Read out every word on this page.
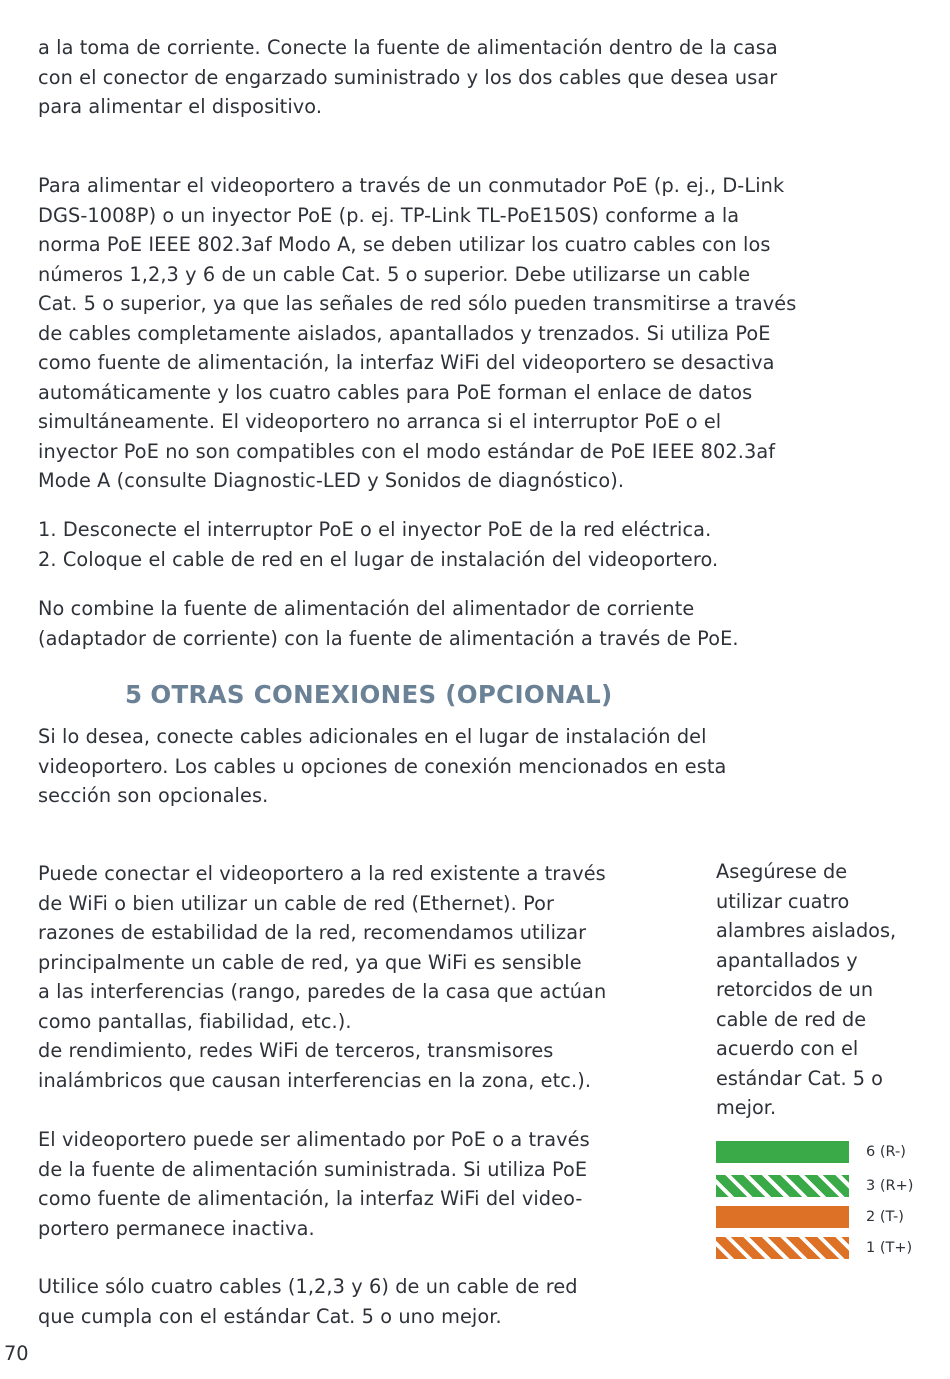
a la toma de corriente. Conecte la fuente de alimentación dentro de la casa
con el conector de engarzado suministrado y los dos cables que desea usar
para alimentar el dispositivo.

Para alimentar el videoportero a través de un conmutador PoE (p. ej., D-Link
DGS-1008P) o un inyector PoE (p. ej. TP-Link TL-PoE150S) conforme a la
norma PoE IEEE 802.3af Modo A, se deben utilizar los cuatro cables con los
números 1,2,3 y 6 de un cable Cat. 5 o superior. Debe utilizarse un cable
Cat. 5 o superior, ya que las señales de red sólo pueden transmitirse a través
de cables completamente aislados, apantallados y trenzados. Si utiliza PoE
como fuente de alimentación, la interfaz WiFi del videoportero se desactiva
automáticamente y los cuatro cables para PoE forman el enlace de datos
simultáneamente. El videoportero no arranca si el interruptor PoE o el
inyector PoE no son compatibles con el modo estándar de PoE IEEE 802.3af
Mode A (consulte Diagnostic-LED y Sonidos de diagnóstico).

1. Desconecte el interruptor PoE o el inyector PoE de la red eléctrica.
2. Coloque el cable de red en el lugar de instalación del videoportero.

No combine la fuente de alimentación del alimentador de corriente
(adaptador de corriente) con la fuente de alimentación a través de PoE.

5 OTRAS CONEXIONES (OPCIONAL)

Si lo desea, conecte cables adicionales en el lugar de instalación del
videoportero. Los cables u opciones de conexión mencionados en esta
sección son opcionales.

Puede conectar el videoportero a la red existente a través
de WiFi o bien utilizar un cable de red (Ethernet). Por
razones de estabilidad de la red, recomendamos utilizar
principalmente un cable de red, ya que WiFi es sensible
a las interferencias (rango, paredes de la casa que actúan
como pantallas, fiabilidad, etc.).
de rendimiento, redes WiFi de terceros, transmisores
inalámbricos que causan interferencias en la zona, etc.).

El videoportero puede ser alimentado por PoE o a través
de la fuente de alimentación suministrada. Si utiliza PoE
como fuente de alimentación, la interfaz WiFi del video-
portero permanece inactiva.

Utilice sólo cuatro cables (1,2,3 y 6) de un cable de red
que cumpla con el estándar Cat. 5 o uno mejor.

Asegúrese de
utilizar cuatro
alambres aislados,
apantallados y
retorcidos de un
cable de red de
acuerdo con el
estándar Cat. 5 o
mejor.

6 (R-)
3 (R+)
2 (T-)
1 (T+)

70
